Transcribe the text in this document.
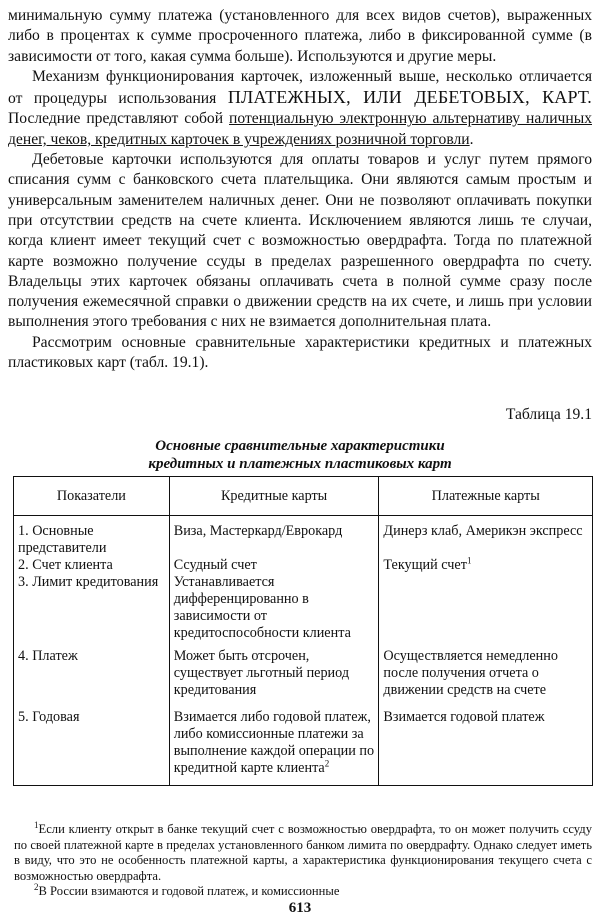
минимальную сумму платежа (установленного для всех видов счетов), выраженных либо в процентах к сумме просроченного платежа, либо в фиксированной сумме (в зависимости от того, какая сумма больше). Используются и другие меры.

Механизм функционирования карточек, изложенный выше, несколько отличается от процедуры использования ПЛАТЕЖНЫХ, ИЛИ ДЕБЕТОВЫХ, КАРТ. Последние представляют собой потенциальную электронную альтернативу наличных денег, чеков, кредитных карточек в учреждениях розничной торговли.

Дебетовые карточки используются для оплаты товаров и услуг путем прямого списания сумм с банковского счета плательщика. Они являются самым простым и универсальным заменителем наличных денег. Они не позволяют оплачивать покупки при отсутствии средств на счете клиента. Исключением являются лишь те случаи, когда клиент имеет текущий счет с возможностью овердрафта. Тогда по платежной карте возможно получение ссуды в пределах разрешенного овердрафта по счету. Владельцы этих карточек обязаны оплачивать счета в полной сумме сразу после получения ежемесячной справки о движении средств на их счете, и лишь при условии выполнения этого требования с них не взимается дополнительная плата.

Рассмотрим основные сравнительные характеристики кредитных и платежных пластиковых карт (табл. 19.1).

Таблица 19.1
Основные сравнительные характеристики
кредитных и платежных пластиковых карт
Показатели	Кредитные карты	Платежные карты
1. Основные представители	Виза, Мастеркард/Еврокард	Динерз клаб, Америкэн экспресс
2. Счет клиента	Ссудный счет	Текущий счет$^1$
3. Лимит кредитования	Устанавливается дифференцированно в зависимости от кредитоспособности клиента	
4. Платеж	Может быть отсрочен, существует льготный период кредитования	Осуществляется немедленно после получения отчета о движении средств на счете
5. Годовая	Взимается либо годовой платеж, либо комиссионные платежи за выполнение каждой операции по кредитной карте клиента$^2$	Взимается годовой платеж

$^1$Если клиенту открыт в банке текущий счет с возможностью овердрафта, то он может получить ссуду по своей платежной карте в пределах установленного банком лимита по овердрафту. Однако следует иметь в виду, что это не особенность платежной карты, а характеристика функционирования текущего счета с возможностью овердрафта.

$^2$В России взимаются и годовой платеж, и комиссионные

613
